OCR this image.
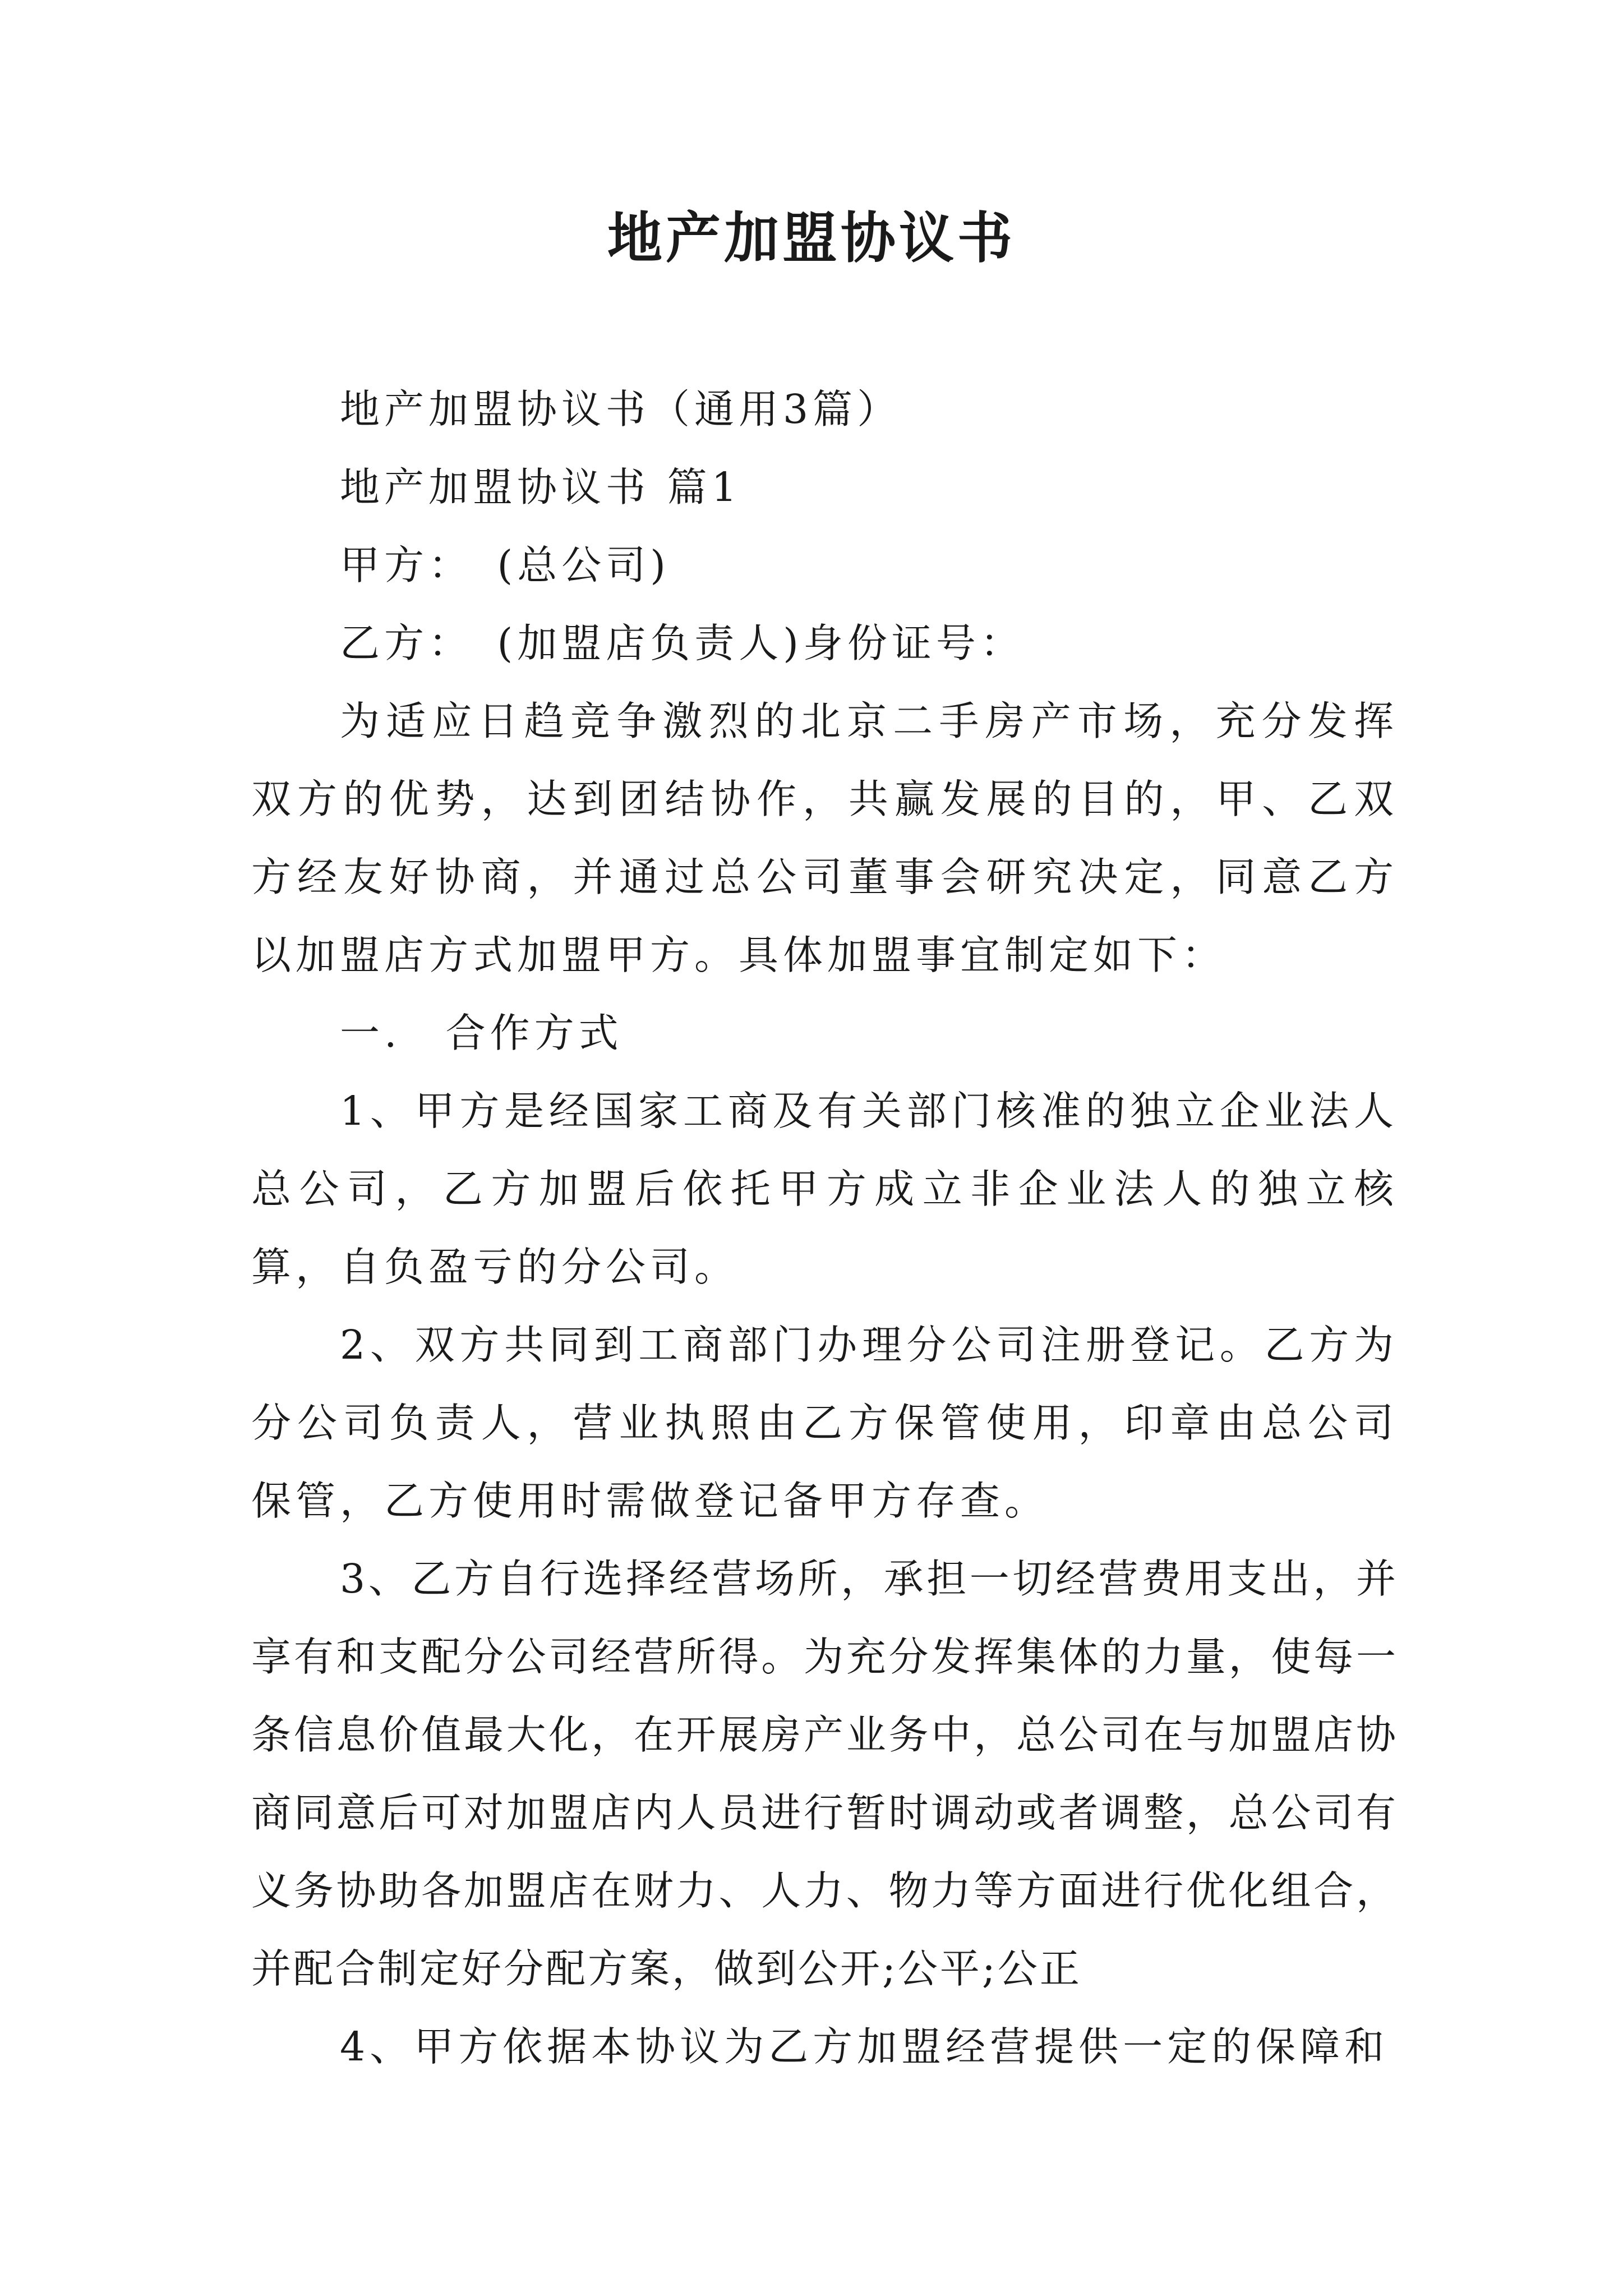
地产加盟协议书

地产加盟协议书（通用3篇）

地产加盟协议书 篇1

甲方：　(总公司)

乙方：　(加盟店负责人)身份证号：

为适应日趋竞争激烈的北京二手房产市场，充分发挥双方的优势，达到团结协作，共赢发展的目的，甲、乙双方经友好协商，并通过总公司董事会研究决定，同意乙方以加盟店方式加盟甲方。具体加盟事宜制定如下：

一.　合作方式

1、甲方是经国家工商及有关部门核准的独立企业法人总公司，乙方加盟后依托甲方成立非企业法人的独立核算，自负盈亏的分公司。

2、双方共同到工商部门办理分公司注册登记。乙方为分公司负责人，营业执照由乙方保管使用，印章由总公司保管，乙方使用时需做登记备甲方存查。

3、乙方自行选择经营场所，承担一切经营费用支出，并享有和支配分公司经营所得。为充分发挥集体的力量，使每一条信息价值最大化，在开展房产业务中，总公司在与加盟店协商同意后可对加盟店内人员进行暂时调动或者调整，总公司有义务协助各加盟店在财力、人力、物力等方面进行优化组合，并配合制定好分配方案，做到公开;公平;公正

4、甲方依据本协议为乙方加盟经营提供一定的保障和
